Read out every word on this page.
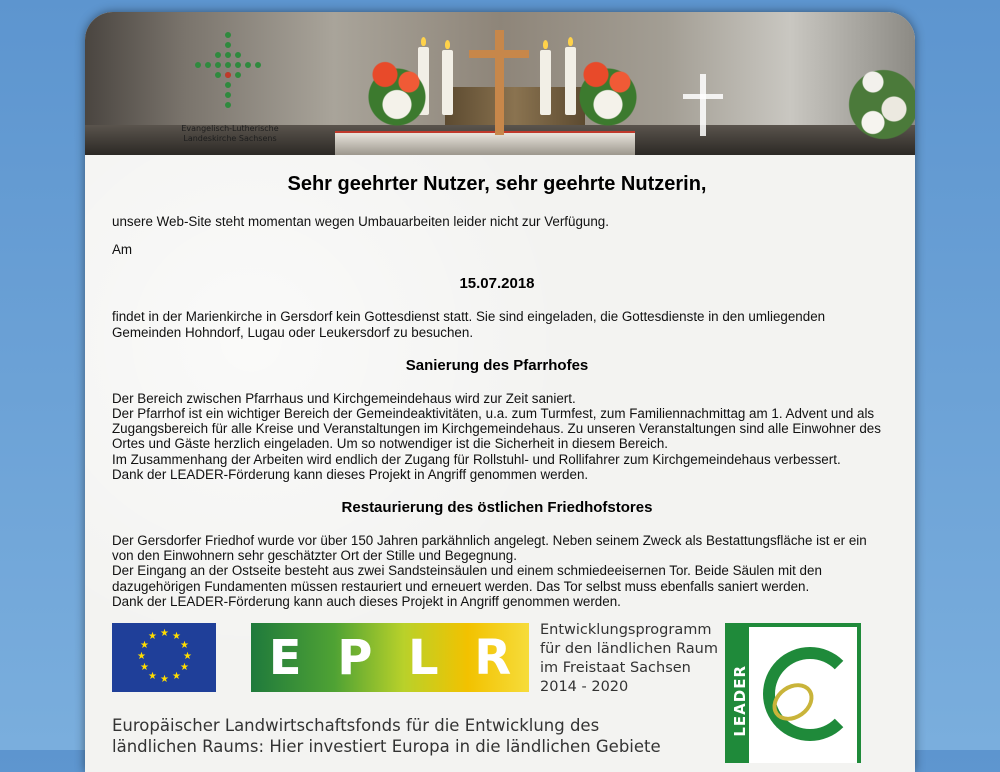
Evangelisch-Lutherische
Landeskirche Sachsens
Sehr geehrter Nutzer, sehr geehrte Nutzerin,

unsere Web-Site steht momentan wegen Umbauarbeiten leider nicht zur Verfügung.

Am

15.07.2018

findet in der Marienkirche in Gersdorf kein Gottesdienst statt. Sie sind eingeladen, die Gottesdienste in den umliegenden Gemeinden Hohndorf, Lugau oder Leukersdorf zu besuchen.

Sanierung des Pfarrhofes

Der Bereich zwischen Pfarrhaus und Kirchgemeindehaus wird zur Zeit saniert.

Der Pfarrhof ist ein wichtiger Bereich der Gemeindeaktivitäten, u.a. zum Turmfest, zum Familiennachmittag am 1. Advent und als Zugangsbereich für alle Kreise und Veranstaltungen im Kirchgemeindehaus. Zu unseren Veranstaltungen sind alle Einwohner des Ortes und Gäste herzlich eingeladen. Um so notwendiger ist die Sicherheit in diesem Bereich.

Im Zusammenhang der Arbeiten wird endlich der Zugang für Rollstuhl- und Rollifahrer zum Kirchgemeindehaus verbessert.

Dank der LEADER-Förderung kann dieses Projekt in Angriff genommen werden.

Restaurierung des östlichen Friedhofstores

Der Gersdorfer Friedhof wurde vor über 150 Jahren parkähnlich angelegt. Neben seinem Zweck als Bestattungsfläche ist er ein von den Einwohnern sehr geschätzter Ort der Stille und Begegnung.

Der Eingang an der Ostseite besteht aus zwei Sandsteinsäulen und einem schmiedeeisernen Tor. Beide Säulen mit den dazugehörigen Fundamenten müssen restauriert und erneuert werden. Das Tor selbst muss ebenfalls saniert werden.

Dank der LEADER-Förderung kann auch dieses Projekt in Angriff genommen werden.

★ ★
★
★
★
★
★
★
★
★
★
★ E P L R Entwicklungsprogramm
für den ländlichen Raum
im Freistaat Sachsen
2014 - 2020	LEADER
Europäischer Landwirtschaftsfonds für die Entwicklung des
ländlichen Raums: Hier investiert Europa in die ländlichen Gebiete
